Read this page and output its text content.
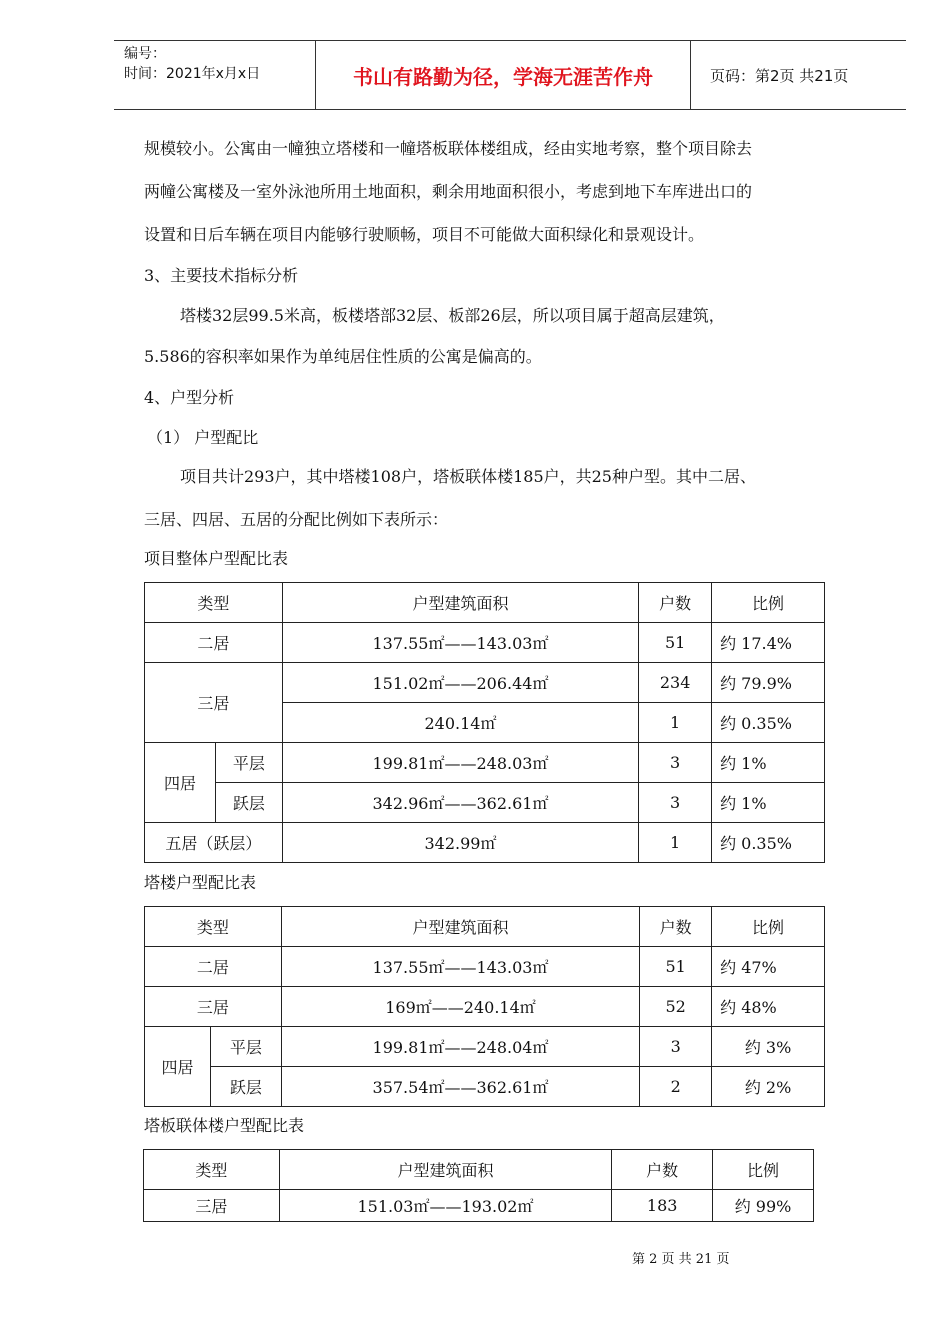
编号：
时间：2021年x月x日	书山有路勤为径，学海无涯苦作舟	页码：第2页 共21页
规模较小。公寓由一幢独立塔楼和一幢塔板联体楼组成，经由实地考察，整个项目除去
两幢公寓楼及一室外泳池所用土地面积，剩余用地面积很小，考虑到地下车库进出口的
设置和日后车辆在项目内能够行驶顺畅，项目不可能做大面积绿化和景观设计。
3、主要技术指标分析
塔楼32层99.5米高，板楼塔部32层、板部26层，所以项目属于超高层建筑，
5.586的容积率如果作为单纯居住性质的公寓是偏高的。
4、户型分析
（1） 户型配比
项目共计293户，其中塔楼108户，塔板联体楼185户，共25种户型。其中二居、
三居、四居、五居的分配比例如下表所示：
项目整体户型配比表
类型		户型建筑面积	户数	比例
二居		137.55㎡——143.03㎡	51	约 17.4%
三居		151.02㎡——206.44㎡	234	约 79.9%
		240.14㎡	1	约 0.35%
四居	平层	199.81㎡——248.03㎡	3	约 1%
	跃层	342.96㎡——362.61㎡	3	约 1%
五居（跃层）		342.99㎡	1	约 0.35%
塔楼户型配比表
类型		户型建筑面积	户数	比例
二居		137.55㎡——143.03㎡	51	约 47%
三居		169㎡——240.14㎡	52	约 48%
四居	平层	199.81㎡——248.04㎡	3	约 3%
	跃层	357.54㎡——362.61㎡	2	约 2%
塔板联体楼户型配比表
类型	户型建筑面积	户数	比例
三居	151.03㎡——193.02㎡	183	约 99%
第 2 页 共 21 页
